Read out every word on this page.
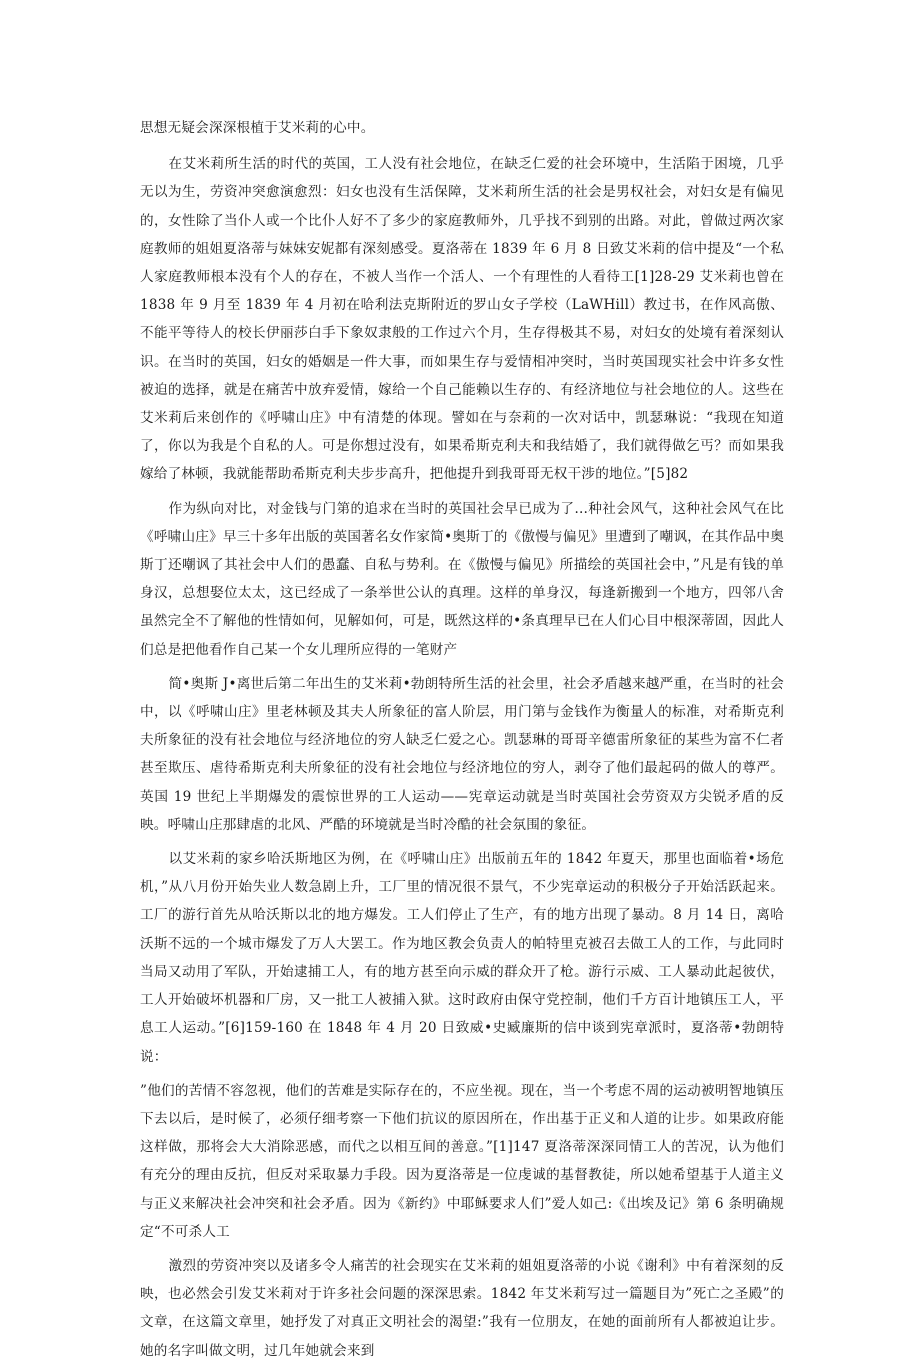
思想无疑会深深根植于艾米莉的心中。

在艾米莉所生活的时代的英国，工人没有社会地位，在缺乏仁爱的社会环境中，生活陷于困境，几乎无以为生，劳资冲突愈演愈烈：妇女也没有生活保障，艾米莉所生活的社会是男权社会，对妇女是有偏见的，女性除了当仆人或一个比仆人好不了多少的家庭教师外，几乎找不到别的出路。对此，曾做过两次家庭教师的姐姐夏洛蒂与妹妹安妮都有深刻感受。夏洛蒂在 1839 年 6 月 8 日致艾米莉的信中提及“一个私人家庭教师根本没有个人的存在，不被人当作一个活人、一个有理性的人看待工[1]28-29 艾米莉也曾在 1838 年 9 月至 1839 年 4 月初在哈利法克斯附近的罗山女子学校（LaWHill）教过书，在作风高傲、不能平等待人的校长伊丽莎白手下象奴隶般的工作过六个月，生存得极其不易，对妇女的处境有着深刻认识。在当时的英国，妇女的婚姻是一件大事，而如果生存与爱情相冲突时，当时英国现实社会中许多女性被迫的选择，就是在痛苦中放弃爱情，嫁给一个自己能赖以生存的、有经济地位与社会地位的人。这些在艾米莉后来创作的《呼啸山庄》中有清楚的体现。譬如在与奈莉的一次对话中，凯瑟琳说：“我现在知道了，你以为我是个自私的人。可是你想过没有，如果希斯克利夫和我结婚了，我们就得做乞丐？而如果我嫁给了林顿，我就能帮助希斯克利夫步步高升，把他提升到我哥哥无权干涉的地位。”[5]82

作为纵向对比，对金钱与门第的追求在当时的英国社会早已成为了…种社会风气，这种社会风气在比《呼啸山庄》早三十多年出版的英国著名女作家简•奥斯丁的《傲慢与偏见》里遭到了嘲讽，在其作品中奥斯丁还嘲讽了其社会中人们的愚蠢、自私与势利。在《傲慢与偏见》所描绘的英国社会中，”凡是有钱的单身汉，总想娶位太太，这已经成了一条举世公认的真理。这样的单身汉，每逢新搬到一个地方，四邻八舍虽然完全不了解他的性情如何，见解如何，可是，既然这样的•条真理早已在人们心目中根深蒂固，因此人们总是把他看作自己某一个女儿理所应得的一笔财产

简•奥斯 J•离世后第二年出生的艾米莉•勃朗特所生活的社会里，社会矛盾越来越严重，在当时的社会中，以《呼啸山庄》里老林顿及其夫人所象征的富人阶层，用门第与金钱作为衡量人的标准，对希斯克利夫所象征的没有社会地位与经济地位的穷人缺乏仁爱之心。凯瑟琳的哥哥辛德雷所象征的某些为富不仁者甚至欺压、虐待希斯克利夫所象征的没有社会地位与经济地位的穷人，剥夺了他们最起码的做人的尊严。英国 19 世纪上半期爆发的震惊世界的工人运动——宪章运动就是当时英国社会劳资双方尖锐矛盾的反映。呼啸山庄那肆虐的北风、严酷的环境就是当时冷酷的社会氛围的象征。

以艾米莉的家乡哈沃斯地区为例，在《呼啸山庄》出版前五年的 1842 年夏天，那里也面临着•场危机，”从八月份开始失业人数急剧上升，工厂里的情况很不景气，不少宪章运动的积极分子开始活跃起来。工厂的游行首先从哈沃斯以北的地方爆发。工人们停止了生产，有的地方出现了暴动。8 月 14 日，离哈沃斯不远的一个城市爆发了万人大罢工。作为地区教会负责人的帕特里克被召去做工人的工作，与此同时当局又动用了军队，开始逮捕工人，有的地方甚至向示威的群众开了枪。游行示威、工人暴动此起彼伏，工人开始破坏机器和厂房，又一批工人被捕入狱。这时政府由保守党控制，他们千方百计地镇压工人，平息工人运动。”[6]159-160 在 1848 年 4 月 20 日致威•史臧廉斯的信中谈到宪章派时，夏洛蒂•勃朗特说：

”他们的苦情不容忽视，他们的苦难是实际存在的，不应坐视。现在，当一个考虑不周的运动被明智地镇压下去以后，是时候了，必须仔细考察一下他们抗议的原因所在，作出基于正义和人道的让步。如果政府能这样做，那将会大大消除恶感，而代之以相互间的善意。”[1]147 夏洛蒂深深同情工人的苦况，认为他们有充分的理由反抗，但反对采取暴力手段。因为夏洛蒂是一位虔诚的基督教徒，所以她希望基于人道主义与正义来解决社会冲突和社会矛盾。因为《新约》中耶稣要求人们”爱人如己:《出埃及记》第 6 条明确规定“不可杀人工

激烈的劳资冲突以及诸多令人痛苦的社会现实在艾米莉的姐姐夏洛蒂的小说《谢利》中有着深刻的反映，也必然会引发艾米莉对于许多社会问题的深深思索。1842 年艾米莉写过一篇题目为”死亡之圣殿”的文章，在这篇文章里，她抒发了对真正文明社会的渴望:”我有一位朋友，在她的面前所有人都被迫让步。她的名字叫做文明，过几年她就会来到
